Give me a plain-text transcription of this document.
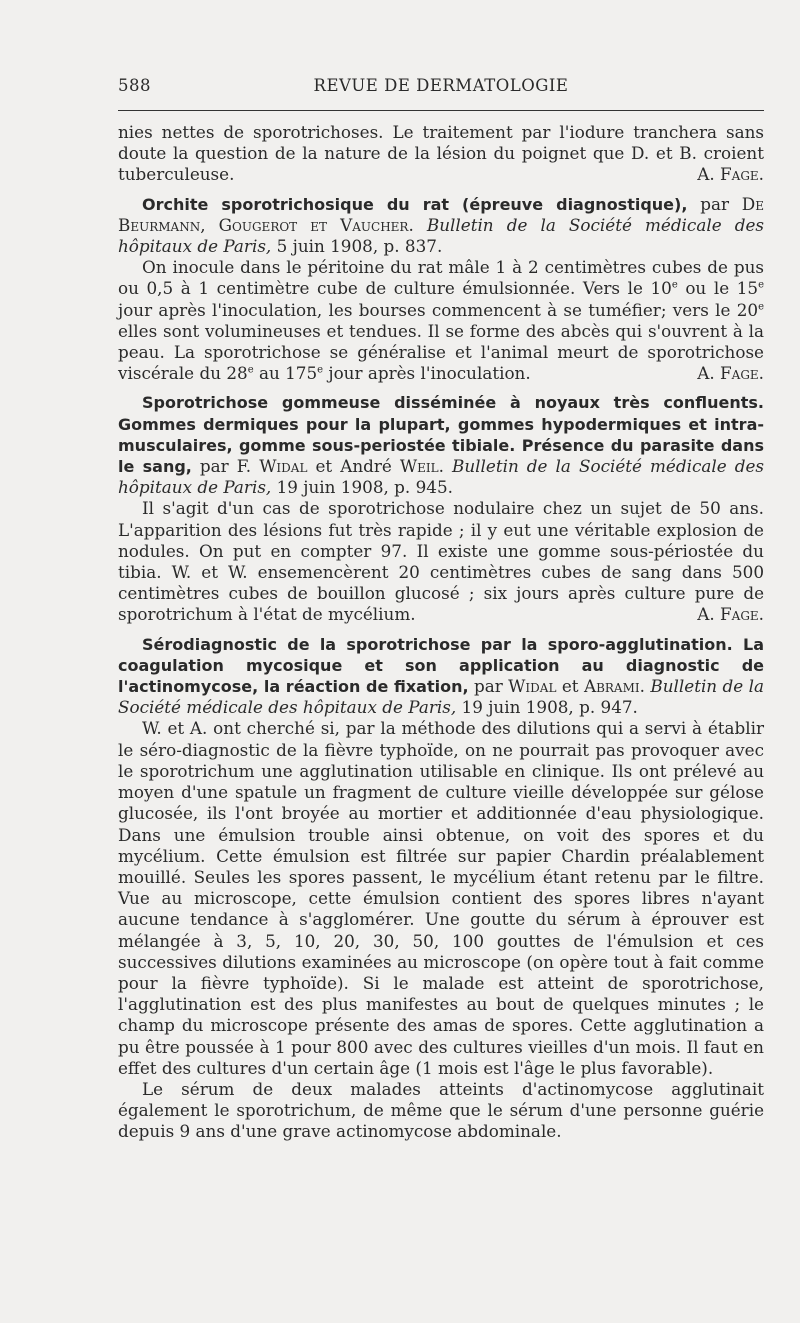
588	REVUE DE DERMATOLOGIE

nies nettes de sporotrichoses. Le traitement par l'iodure tranchera sans doute la question de la nature de la lésion du poignet que D. et B. croient tuberculeuse.	A. Fage.

Orchite sporotrichosique du rat (épreuve diagnostique), par De Beurmann, Gougerot et Vaucher. Bulletin de la Société médicale des hôpitaux de Paris, 5 juin 1908, p. 837.

On inocule dans le péritoine du rat mâle 1 à 2 centimètres cubes de pus ou 0,5 à 1 centimètre cube de culture émulsionnée. Vers le 10e ou le 15e jour après l'inoculation, les bourses commencent à se tuméfier; vers le 20e elles sont volumineuses et tendues. Il se forme des abcès qui s'ouvrent à la peau. La sporotrichose se généralise et l'animal meurt de sporotrichose viscérale du 28e au 175e jour après l'inoculation.	A. Fage.

Sporotrichose gommeuse disséminée à noyaux très confluents. Gommes dermiques pour la plupart, gommes hypodermiques et intra-musculaires, gomme sous-periostée tibiale. Présence du parasite dans le sang, par F. Widal et André Weil. Bulletin de la Société médicale des hôpitaux de Paris, 19 juin 1908, p. 945.

Il s'agit d'un cas de sporotrichose nodulaire chez un sujet de 50 ans. L'apparition des lésions fut très rapide ; il y eut une véritable explosion de nodules. On put en compter 97. Il existe une gomme sous-périostée du tibia. W. et W. ensemencèrent 20 centimètres cubes de sang dans 500 centimètres cubes de bouillon glucosé ; six jours après culture pure de sporotrichum à l'état de mycélium.	A. Fage.

Sérodiagnostic de la sporotrichose par la sporo-agglutination. La coagulation mycosique et son application au diagnostic de l'actinomycose, la réaction de fixation, par Widal et Abrami. Bulletin de la Société médicale des hôpitaux de Paris, 19 juin 1908, p. 947.

W. et A. ont cherché si, par la méthode des dilutions qui a servi à établir le séro-diagnostic de la fièvre typhoïde, on ne pourrait pas provoquer avec le sporotrichum une agglutination utilisable en clinique. Ils ont prélevé au moyen d'une spatule un fragment de culture vieille développée sur gélose glucosée, ils l'ont broyée au mortier et additionnée d'eau physiologique. Dans une émulsion trouble ainsi obtenue, on voit des spores et du mycélium. Cette émulsion est filtrée sur papier Chardin préalablement mouillé. Seules les spores passent, le mycélium étant retenu par le filtre. Vue au microscope, cette émulsion contient des spores libres n'ayant aucune tendance à s'agglomérer. Une goutte du sérum à éprouver est mélangée à 3, 5, 10, 20, 30, 50, 100 gouttes de l'émulsion et ces successives dilutions examinées au microscope (on opère tout à fait comme pour la fièvre typhoïde). Si le malade est atteint de sporotrichose, l'agglutination est des plus manifestes au bout de quelques minutes ; le champ du microscope présente des amas de spores. Cette agglutination a pu être poussée à 1 pour 800 avec des cultures vieilles d'un mois. Il faut en effet des cultures d'un certain âge (1 mois est l'âge le plus favorable).

Le sérum de deux malades atteints d'actinomycose agglutinait également le sporotrichum, de même que le sérum d'une personne guérie depuis 9 ans d'une grave actinomycose abdominale.
